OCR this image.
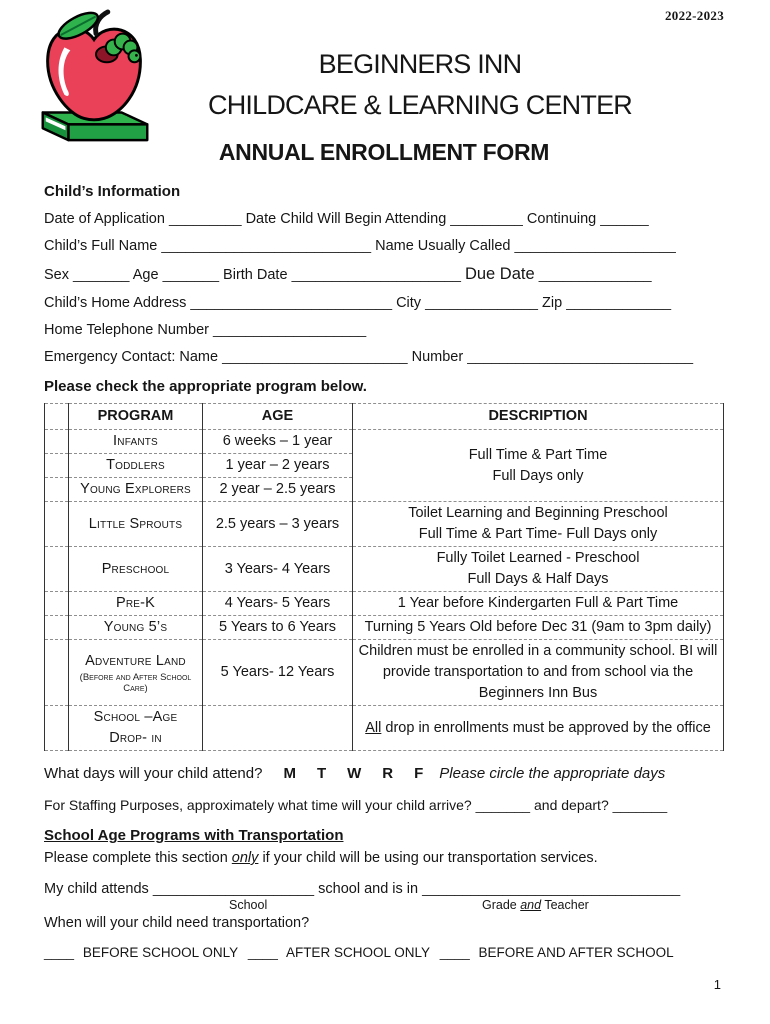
2022-2023
BEGINNERS INN
CHILDCARE & LEARNING CENTER
ANNUAL ENROLLMENT FORM
Child’s Information

Date of Application _________ Date Child Will Begin Attending _________ Continuing ______

Child’s Full Name __________________________ Name Usually Called ____________________

Sex _______ Age _______ Birth Date _____________________ Due Date ______________

Child’s Home Address _________________________ City ______________ Zip _____________

Home Telephone Number ___________________

Emergency Contact: Name _______________________ Number ____________________________

Please check the appropriate program below.
	PROGRAM	AGE	DESCRIPTION
	Infants	6 weeks – 1 year	Full Time & Part Time
Full Days only

	Toddlers	1 year – 2 years	
	Young Explorers	2 year – 2.5 years	
	Little Sprouts	2.5 years – 3 years	Toilet Learning and Beginning Preschool
Full Time & Part Time- Full Days only

	Preschool	3 Years- 4 Years	Fully Toilet Learned - Preschool
Full Days & Half Days

	Pre-K	4 Years- 5 Years	1 Year before Kindergarten Full & Part Time
	Young 5’s	5 Years to 6 Years	Turning 5 Years Old before Dec 31 (9am to 3pm daily)
	Adventure Land
(Before and After School Care)	5 Years- 12 Years	Children must be enrolled in a community school. BI will provide transportation to and from school via the Beginners Inn Bus

	School –Age
Drop- in		All drop in enrollments must be approved by the office

What days will your child attend? M T W R F Please circle the appropriate days

For Staffing Purposes, approximately what time will your child arrive? _______ and depart? _______

School Age Programs with Transportation

Please complete this section only if your child will be using our transportation services.

My child attends ____________________ school and is in ________________________________

School	Grade and Teacher

When will your child need transportation?

____ BEFORE SCHOOL ONLY ____ AFTER SCHOOL ONLY ____ BEFORE AND AFTER SCHOOL

1
